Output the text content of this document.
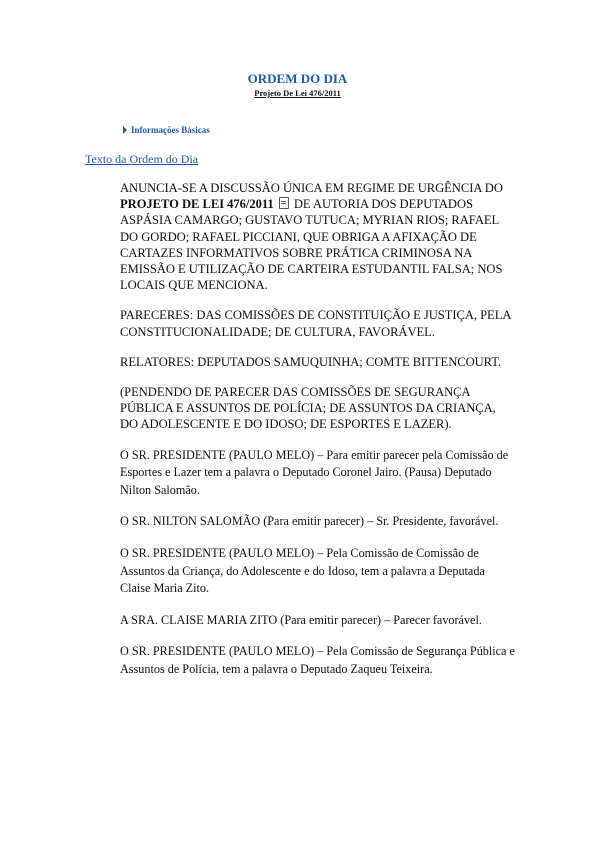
ORDEM DO DIA
Projeto De Lei 476/2011
Informações Básicas
Texto da Ordem do Dia

ANUNCIA-SE A DISCUSSÃO ÚNICA EM REGIME DE URGÊNCIA DO PROJETO DE LEI 476/2011  DE AUTORIA DOS DEPUTADOS ASPÁSIA CAMARGO; GUSTAVO TUTUCA; MYRIAN RIOS; RAFAEL DO GORDO; RAFAEL PICCIANI, QUE OBRIGA A AFIXAÇÃO DE CARTAZES INFORMATIVOS SOBRE PRÁTICA CRIMINOSA NA EMISSÃO E UTILIZAÇÃO DE CARTEIRA ESTUDANTIL FALSA; NOS LOCAIS QUE MENCIONA.

PARECERES: DAS COMISSÕES DE CONSTITUIÇÃO E JUSTIÇA, PELA CONSTITUCIONALIDADE; DE CULTURA, FAVORÁVEL.

RELATORES: DEPUTADOS SAMUQUINHA; COMTE BITTENCOURT.

(PENDENDO DE PARECER DAS COMISSÕES DE SEGURANÇA PÚBLICA E ASSUNTOS DE POLÍCIA; DE ASSUNTOS DA CRIANÇA, DO ADOLESCENTE E DO IDOSO; DE ESPORTES E LAZER).

O SR. PRESIDENTE (PAULO MELO) – Para emitir parecer pela Comissão de Esportes e Lazer tem a palavra o Deputado Coronel Jairo. (Pausa) Deputado Nilton Salomão.

O SR. NILTON SALOMÃO (Para emitir parecer) – Sr. Presidente, favorável.

O SR. PRESIDENTE (PAULO MELO) – Pela Comissão de Comissão de Assuntos da Criança, do Adolescente e do Idoso, tem a palavra a Deputada Claise Maria Zito.

A SRA. CLAISE MARIA ZITO (Para emitir parecer) – Parecer favorável.

O SR. PRESIDENTE (PAULO MELO) – Pela Comissão de Segurança Pública e Assuntos de Polícia, tem a palavra o Deputado Zaqueu Teixeira.
